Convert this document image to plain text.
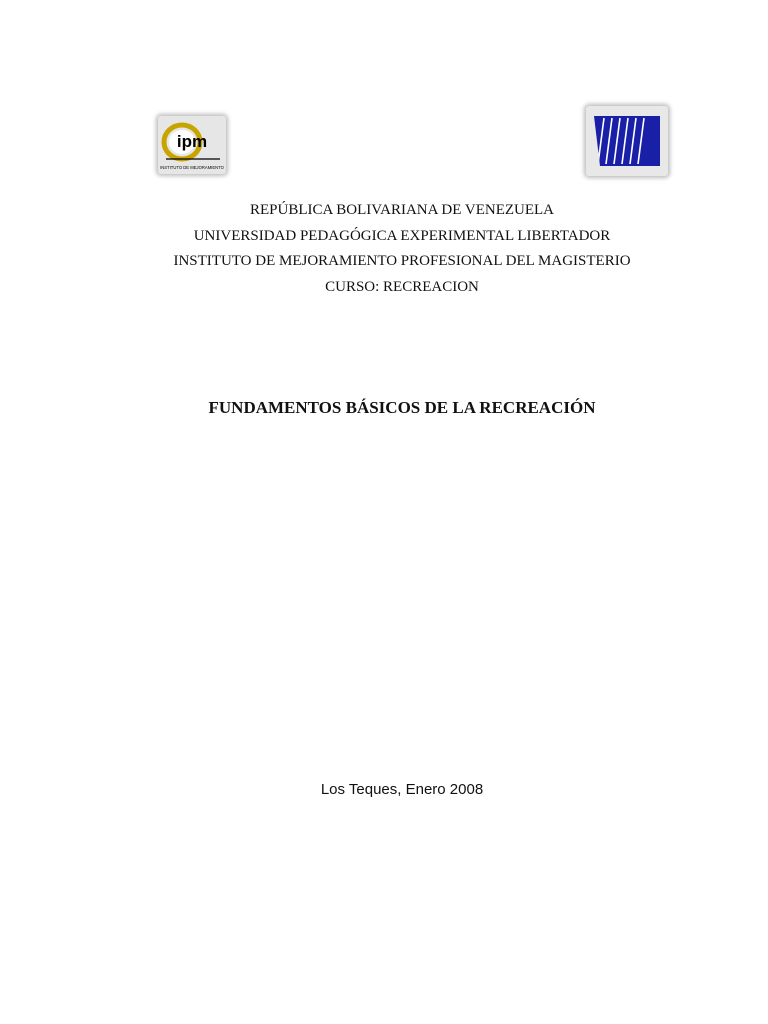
ipm
INSTITUTO DE MEJORAMIENTO
REPÚBLICA BOLIVARIANA DE VENEZUELA
UNIVERSIDAD PEDAGÓGICA EXPERIMENTAL LIBERTADOR
INSTITUTO DE MEJORAMIENTO PROFESIONAL DEL MAGISTERIO
CURSO: RECREACION
FUNDAMENTOS BÁSICOS DE LA RECREACIÓN
Los Teques, Enero 2008
